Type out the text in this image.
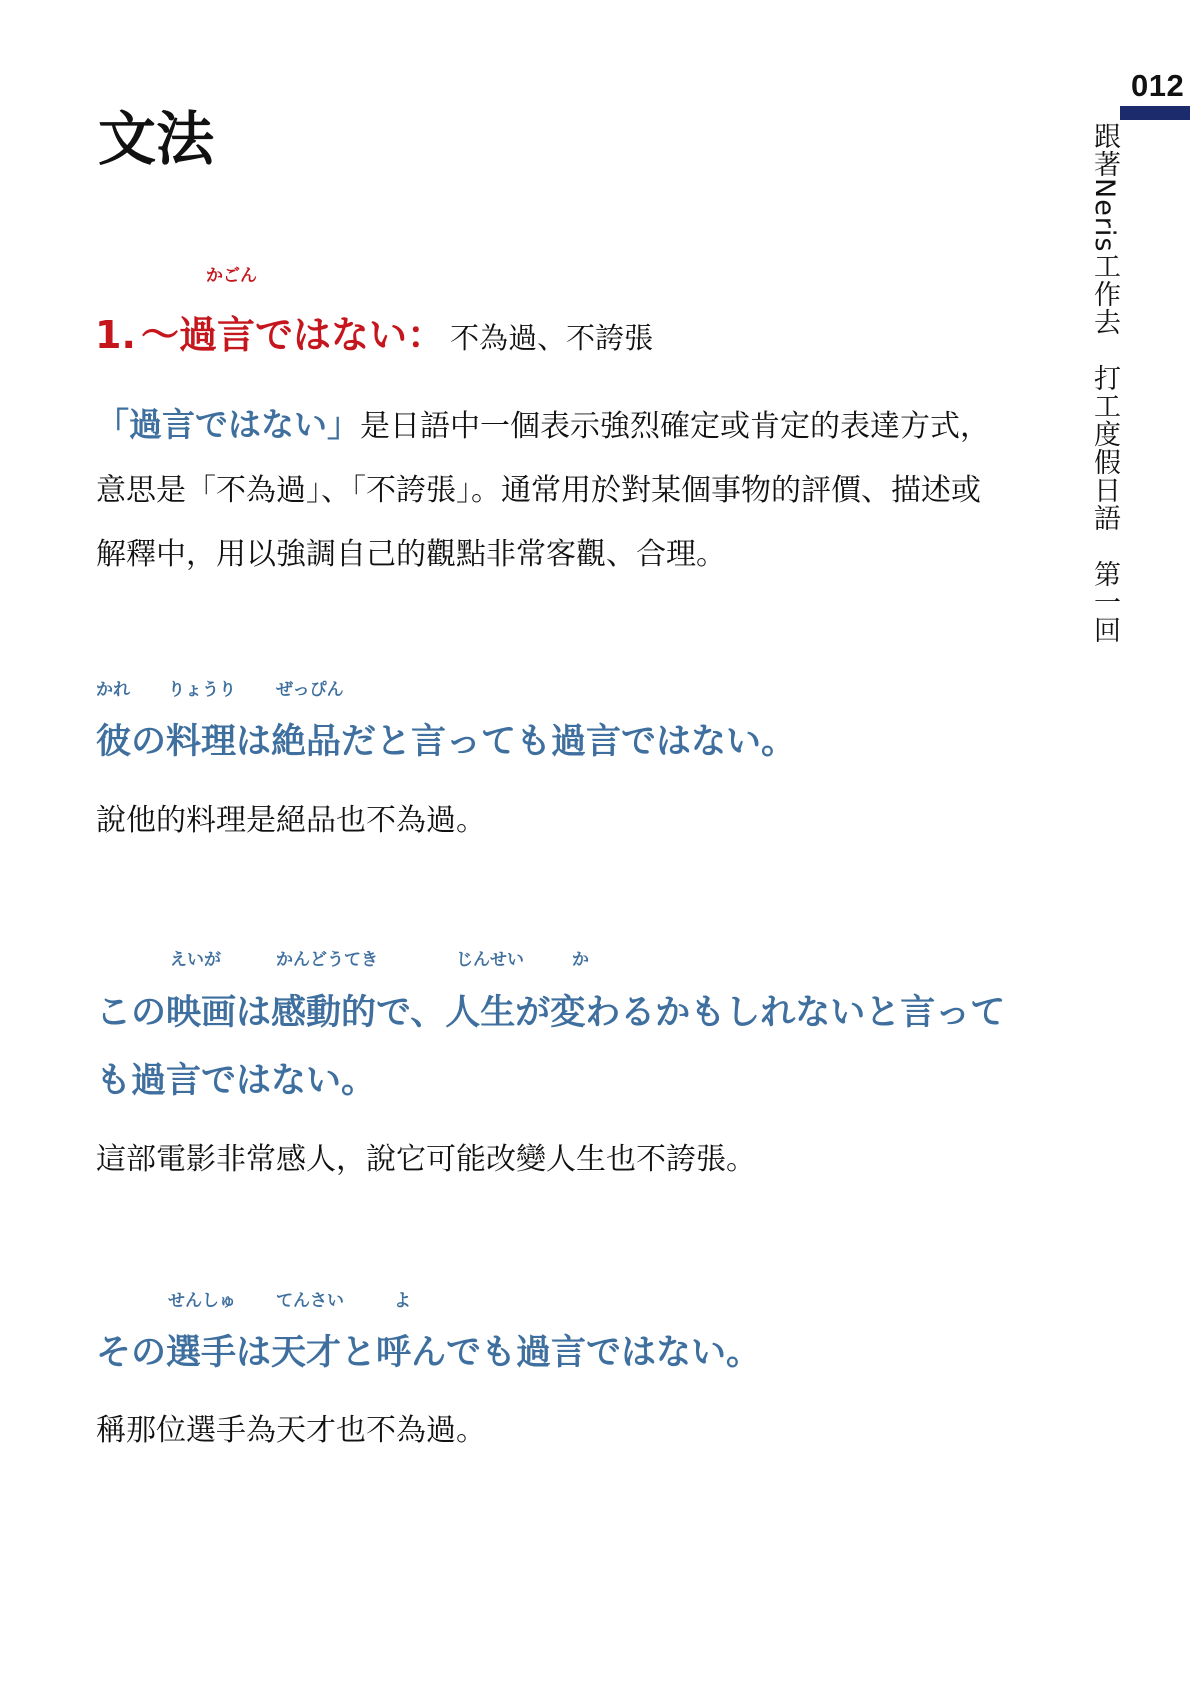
012
跟著Neris工作去　打工度假日語　第一回
文法
かごん
1. 〜過言ではない： 不為過、不誇張

「過言ではない」是日語中一個表示強烈確定或肯定的表達方式，意思是「不為過」、「不誇張」。通常用於對某個事物的評價、描述或解釋中，用以強調自己的觀點非常客觀、合理。

かれ りょうり ぜっぴん

彼の料理は絶品だと言っても過言ではない。

說他的料理是絕品也不為過。

えいが	かんどうてき	じんせい	か

この映画は感動的で、人生が変わるかもしれないと言っても過言ではない。

這部電影非常感人，說它可能改變人生也不誇張。

せんしゅ てんさい	よ

その選手は天才と呼んでも過言ではない。

稱那位選手為天才也不為過。
